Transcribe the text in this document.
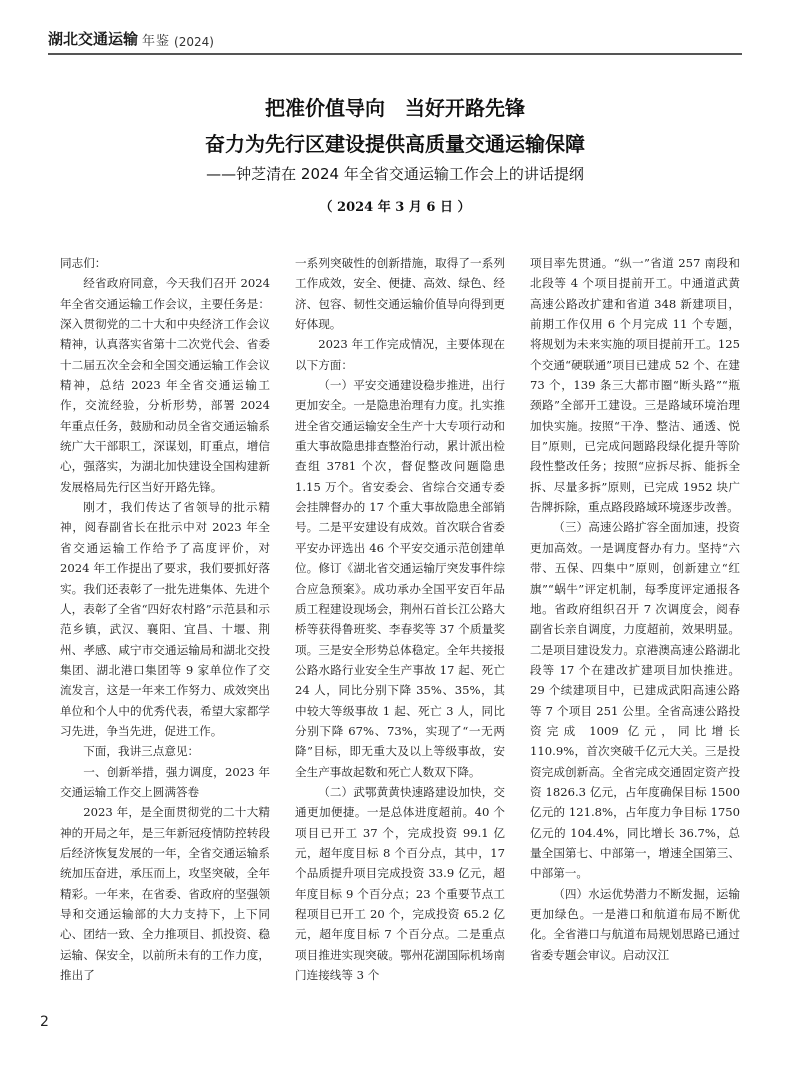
湖北交通运输 年鉴 (2024)
把准价值导向　当好开路先锋
奋力为先行区建设提供高质量交通运输保障
——钟芝清在 2024 年全省交通运输工作会上的讲话提纲
（ 2024 年 3 月 6 日 ）

同志们：

经省政府同意，今天我们召开 2024 年全省交通运输工作会议，主要任务是：深入贯彻党的二十大和中央经济工作会议精神，认真落实省第十二次党代会、省委十二届五次全会和全国交通运输工作会议精神，总结 2023 年全省交通运输工作，交流经验，分析形势，部署 2024 年重点任务，鼓励和动员全省交通运输系统广大干部职工，深谋划，盯重点，增信心，强落实，为湖北加快建设全国构建新发展格局先行区当好开路先锋。

刚才，我们传达了省领导的批示精神，阅春副省长在批示中对 2023 年全省交通运输工作给予了高度评价，对 2024 年工作提出了要求，我们要抓好落实。我们还表彰了一批先进集体、先进个人，表彰了全省“四好农村路”示范县和示范乡镇，武汉、襄阳、宜昌、十堰、荆州、孝感、咸宁市交通运输局和湖北交投集团、湖北港口集团等 9 家单位作了交流发言，这是一年来工作努力、成效突出单位和个人中的优秀代表，希望大家都学习先进，争当先进，促进工作。

下面，我讲三点意见：

一、创新举措，强力调度，2023 年交通运输工作交上圆满答卷

2023 年，是全面贯彻党的二十大精神的开局之年，是三年新冠疫情防控转段后经济恢复发展的一年，全省交通运输系统加压奋进，承压而上，攻坚突破，全年精彩。一年来，在省委、省政府的坚强领导和交通运输部的大力支持下，上下同心、团结一致、全力推项目、抓投资、稳运输、保安全，以前所未有的工作力度，推出了

一系列突破性的创新措施，取得了一系列工作成效，安全、便捷、高效、绿色、经济、包容、韧性交通运输价值导向得到更好体现。

2023 年工作完成情况，主要体现在以下方面：

（一）平安交通建设稳步推进，出行更加安全。一是隐患治理有力度。扎实推进全省交通运输安全生产十大专项行动和重大事故隐患排查整治行动，累计派出检查组 3781 个次，督促整改问题隐患 1.15 万个。省安委会、省综合交通专委会挂牌督办的 17 个重大事故隐患全部销号。二是平安建设有成效。首次联合省委平安办评选出 46 个平安交通示范创建单位。修订《湖北省交通运输厅突发事件综合应急预案》。成功承办全国平安百年品质工程建设现场会，荆州石首长江公路大桥等获得鲁班奖、李春奖等 37 个质量奖项。三是安全形势总体稳定。全年共接报公路水路行业安全生产事故 17 起、死亡 24 人，同比分别下降 35%、35%，其中较大等级事故 1 起、死亡 3 人，同比分别下降 67%、73%，实现了“一无两降”目标，即无重大及以上等级事故，安全生产事故起数和死亡人数双下降。

（二）武鄂黄黄快速路建设加快，交通更加便捷。一是总体进度超前。40 个项目已开工 37 个，完成投资 99.1 亿元，超年度目标 8 个百分点，其中，17 个品质提升项目完成投资 33.9 亿元，超年度目标 9 个百分点；23 个重要节点工程项目已开工 20 个，完成投资 65.2 亿元，超年度目标 7 个百分点。二是重点项目推进实现突破。鄂州花湖国际机场南门连接线等 3 个

项目率先贯通。“纵一”省道 257 南段和北段等 4 个项目提前开工。中通道武黄高速公路改扩建和省道 348 新建项目，前期工作仅用 6 个月完成 11 个专题，将规划为未来实施的项目提前开工。125 个交通“硬联通”项目已建成 52 个、在建 73 个，139 条三大都市圈“断头路”“瓶颈路”全部开工建设。三是路域环境治理加快实施。按照“干净、整洁、通透、悦目”原则，已完成问题路段绿化提升等阶段性整改任务；按照“应拆尽拆、能拆全拆、尽量多拆”原则，已完成 1952 块广告牌拆除，重点路段路域环境逐步改善。

（三）高速公路扩容全面加速，投资更加高效。一是调度督办有力。坚持“六带、五保、四集中”原则，创新建立“红旗”“蜗牛”评定机制，每季度评定通报各地。省政府组织召开 7 次调度会，阅春副省长亲自调度，力度超前，效果明显。二是项目建设发力。京港澳高速公路湖北段等 17 个在建改扩建项目加快推进。29 个续建项目中，已建成武阳高速公路等 7 个项目 251 公里。全省高速公路投资完成 1009 亿元，同比增长 110.9%，首次突破千亿元大关。三是投资完成创新高。全省完成交通固定资产投资 1826.3 亿元，占年度确保目标 1500 亿元的 121.8%，占年度力争目标 1750 亿元的 104.4%，同比增长 36.7%，总量全国第七、中部第一，增速全国第三、中部第一。

（四）水运优势潜力不断发掘，运输更加绿色。一是港口和航道布局不断优化。全省港口与航道布局规划思路已通过省委专题会审议。启动汉江

2
